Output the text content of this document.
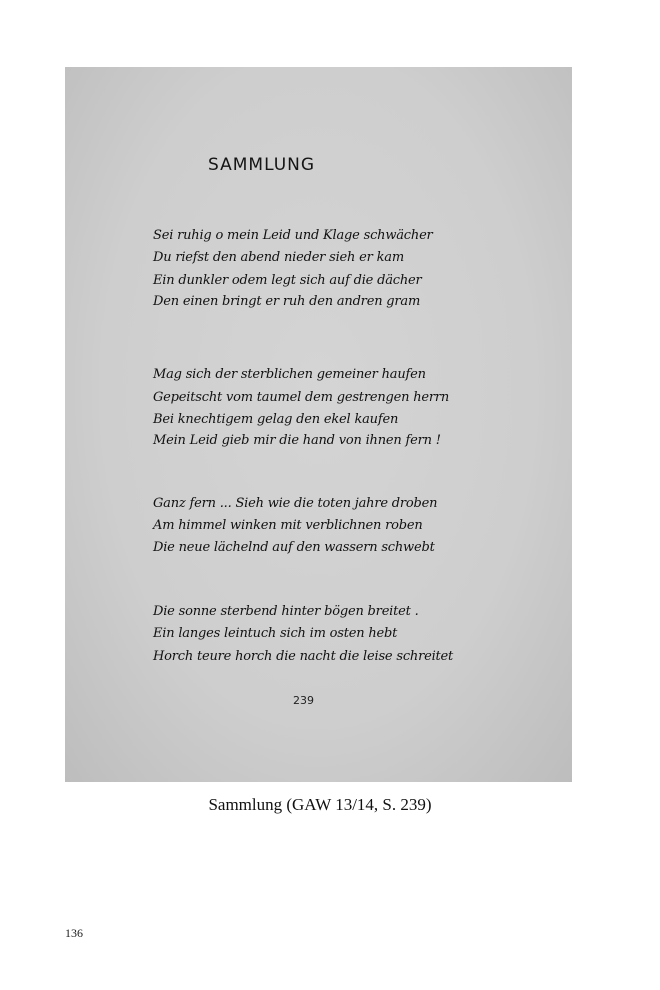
SAMMLUNG
Sei ruhig o mein Leid und Klage schwächer
Du riefst den abend nieder sieh er kam
Ein dunkler odem legt sich auf die dächer
Den einen bringt er ruh den andren gram
Mag sich der sterblichen gemeiner haufen
Gepeitscht vom taumel dem gestrengen herrn
Bei knechtigem gelag den ekel kaufen
Mein Leid gieb mir die hand von ihnen fern !
Ganz fern ... Sieh wie die toten jahre droben
Am himmel winken mit verblichnen roben
Die neue lächelnd auf den wassern schwebt
Die sonne sterbend hinter bögen breitet .
Ein langes leintuch sich im osten hebt
Horch teure horch die nacht die leise schreitet
239
Sammlung (GAW 13/14, S. 239)
136
